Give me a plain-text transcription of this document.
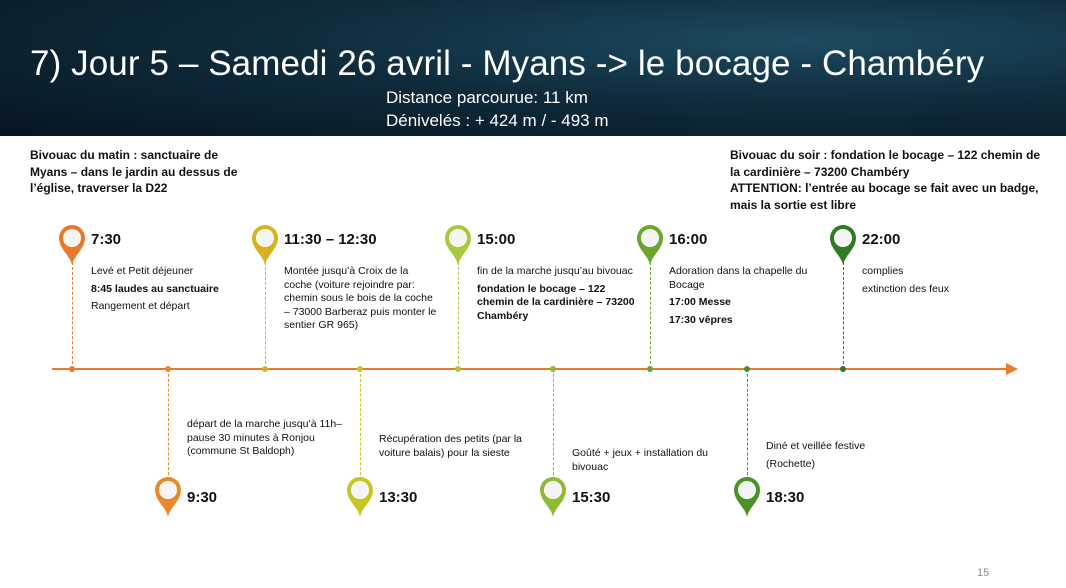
7) Jour 5 – Samedi 26 avril - Myans -> le bocage - Chambéry
Distance parcourue: 11 km
Dénivelés : + 424 m / - 493 m
Bivouac du matin : sanctuaire de Myans – dans le jardin au dessus de l’église, traverser la D22
Bivouac du soir : fondation le bocage – 122 chemin de la cardinière – 73200 Chambéry
ATTENTION: l’entrée au bocage se fait avec un badge, mais la sortie est libre
7:30
Levé et Petit déjeuner
8:45 laudes au sanctuaire
Rangement et départ
9:30
départ de la marche jusqu’à 11h– pause 30 minutes à Ronjou (commune St Baldoph)
11:30 – 12:30
Montée jusqu’à Croix de la coche (voiture rejoindre par: chemin sous le bois de la coche – 73000 Barberaz puis monter le sentier GR 965)
13:30
Récupération des petits (par la voiture balais) pour la sieste
15:00
fin de la marche jusqu’au bivouac
fondation le bocage – 122 chemin de la cardinière – 73200 Chambéry
15:30
Goûté + jeux + installation du bivouac
16:00
Adoration dans la chapelle du Bocage
17:00 Messe
17:30 vêpres
18:30
Diné et veillée festive
(Rochette)
22:00
complies
extinction des feux
15
